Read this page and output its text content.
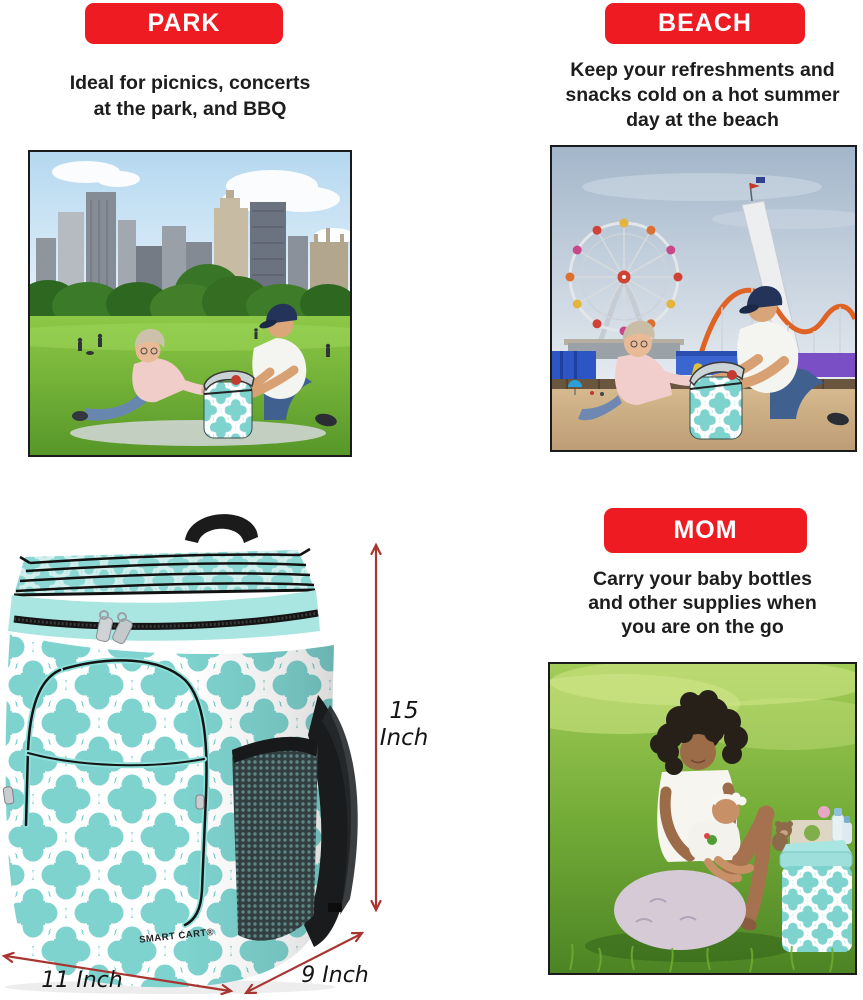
PARK
Ideal for picnics, concerts
at the park, and BBQ
BEACH
Keep your refreshments and
snacks cold on a hot summer
day at the beach
MOM
Carry your baby bottles
and other supplies when
you are on the go
SMART CART®
15
Inch
11 Inch	9 Inch
